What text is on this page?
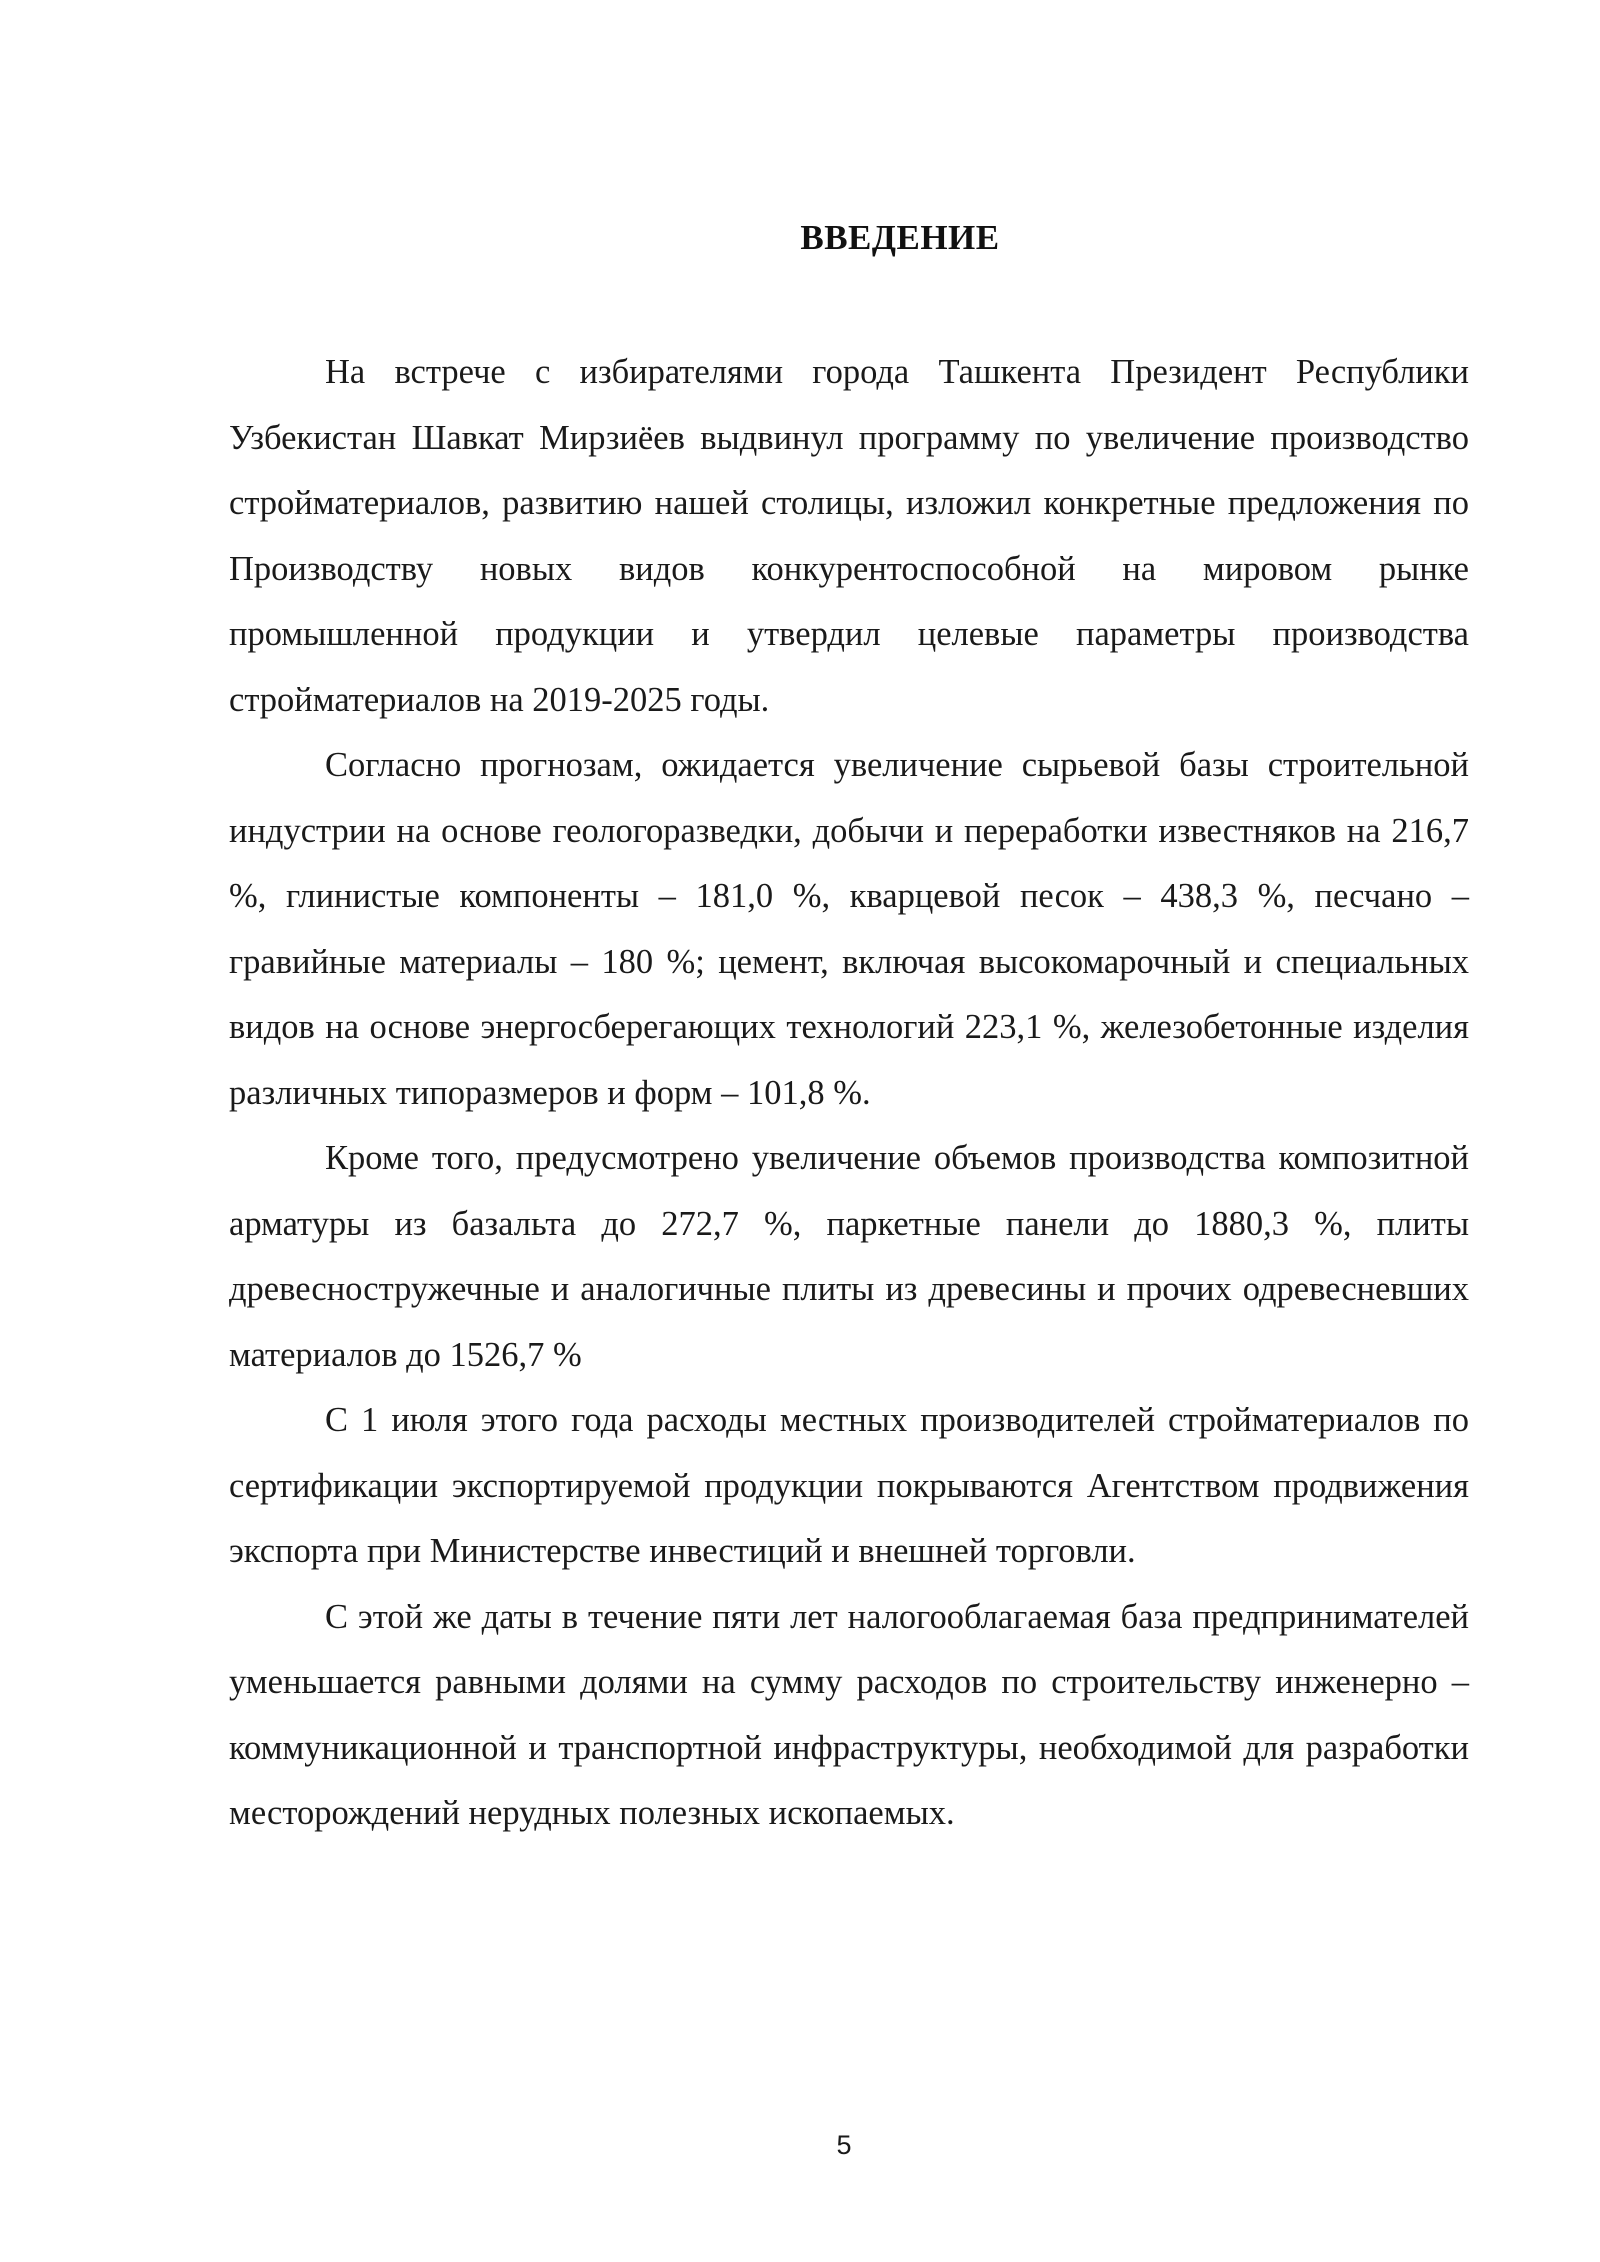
ВВЕДЕНИЕ

На встрече с избирателями города Ташкента Президент Республики Узбекистан Шавкат Мирзиёев выдвинул программу по увеличение производство стройматериалов, развитию нашей столицы, изложил конкретные предложения по Производству новых видов конкурентоспособной на мировом рынке промышленной продукции и утвердил целевые параметры производства стройматериалов на 2019-2025 годы.

Согласно прогнозам, ожидается увеличение сырьевой базы строительной индустрии на основе геологоразведки, добычи и переработки известняков на 216,7 %, глинистые компоненты – 181,0 %, кварцевой песок – 438,3 %, песчано – гравийные материалы – 180 %; цемент, включая высокомарочный и специальных видов на основе энергосберегающих технологий 223,1 %, железобетонные изделия различных типоразмеров и форм – 101,8 %.

Кроме того, предусмотрено увеличение объемов производства композитной арматуры из базальта до 272,7 %, паркетные панели до 1880,3 %, плиты древесностружечные и аналогичные плиты из древесины и прочих одревесневших материалов до 1526,7 %

С 1 июля этого года расходы местных производителей стройматериалов по сертификации экспортируемой продукции покрываются Агентством продвижения экспорта при Министерстве инвестиций и внешней торговли.

С этой же даты в течение пяти лет налогооблагаемая база предпринимателей уменьшается равными долями на сумму расходов по строительству инженерно – коммуникационной и транспортной инфраструктуры, необходимой для разработки месторождений нерудных полезных ископаемых.

5
